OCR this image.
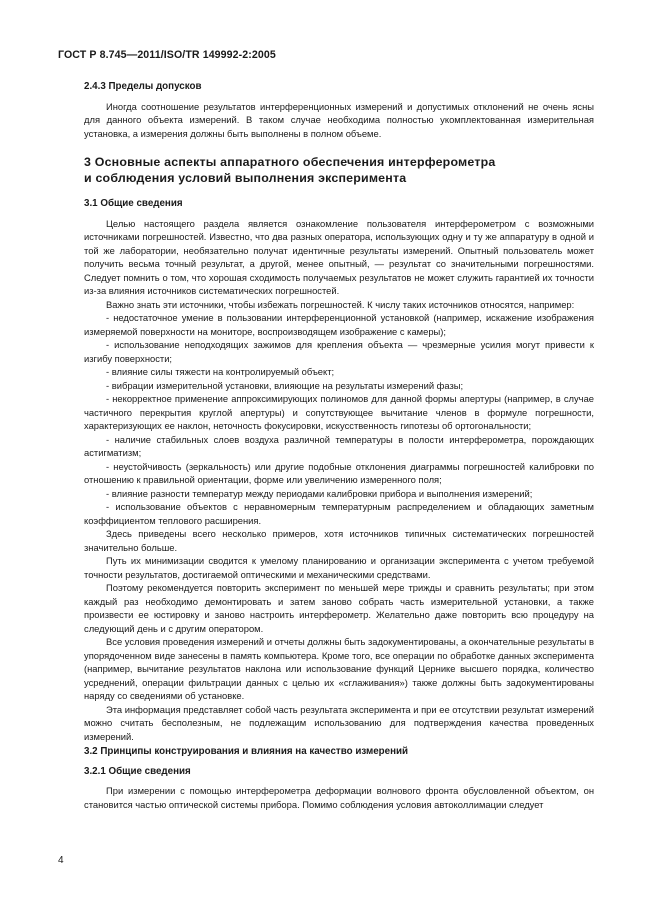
ГОСТ Р 8.745—2011/ISO/TR 149992-2:2005
2.4.3 Пределы допусков

Иногда соотношение результатов интерференционных измерений и допустимых отклонений не очень ясны для данного объекта измерений. В таком случае необходима полностью укомплектованная измерительная установка, а измерения должны быть выполнены в полном объеме.

3 Основные аспекты аппаратного обеспечения интерферометра
и соблюдения условий выполнения эксперимента
3.1 Общие сведения

Целью настоящего раздела является ознакомление пользователя интерферометром с возможными источниками погрешностей. Известно, что два разных оператора, использующих одну и ту же аппаратуру в одной и той же лаборатории, необязательно получат идентичные результаты измерений. Опытный пользователь может получить весьма точный результат, а другой, менее опытный, — результат со значительными погрешностями. Следует помнить о том, что хорошая сходимость получаемых результатов не может служить гарантией их точности из-за влияния источников систематических погрешностей.

Важно знать эти источники, чтобы избежать погрешностей. К числу таких источников относятся, например:

- недостаточное умение в пользовании интерференционной установкой (например, искажение изображения измеряемой поверхности на мониторе, воспроизводящем изображение с камеры);

- использование неподходящих зажимов для крепления объекта — чрезмерные усилия могут привести к изгибу поверхности;

- влияние силы тяжести на контролируемый объект;

- вибрации измерительной установки, влияющие на результаты измерений фазы;

- некорректное применение аппроксимирующих полиномов для данной формы апертуры (например, в случае частичного перекрытия круглой апертуры) и сопутствующее вычитание членов в формуле погрешности, характеризующих ее наклон, неточность фокусировки, искусственность гипотезы об ортогональности;

- наличие стабильных слоев воздуха различной температуры в полости интерферометра, порождающих астигматизм;

- неустойчивость (зеркальность) или другие подобные отклонения диаграммы погрешностей калибровки по отношению к правильной ориентации, форме или увеличению измеренного поля;

- влияние разности температур между периодами калибровки прибора и выполнения измерений;

- использование объектов с неравномерным температурным распределением и обладающих заметным коэффициентом теплового расширения.

Здесь приведены всего несколько примеров, хотя источников типичных систематических погрешностей значительно больше.

Путь их минимизации сводится к умелому планированию и организации эксперимента с учетом требуемой точности результатов, достигаемой оптическими и механическими средствами.

Поэтому рекомендуется повторить эксперимент по меньшей мере трижды и сравнить результаты; при этом каждый раз необходимо демонтировать и затем заново собрать часть измерительной установки, а также произвести ее юстировку и заново настроить интерферометр. Желательно даже повторить всю процедуру на следующий день и с другим оператором.

Все условия проведения измерений и отчеты должны быть задокументированы, а окончательные результаты в упорядоченном виде занесены в память компьютера. Кроме того, все операции по обработке данных эксперимента (например, вычитание результатов наклона или использование функций Цернике высшего порядка, количество усреднений, операции фильтрации данных с целью их «сглаживания») также должны быть задокументированы наряду со сведениями об установке.

Эта информация представляет собой часть результата эксперимента и при ее отсутствии результат измерений можно считать бесполезным, не подлежащим использованию для подтверждения качества проведенных измерений.

3.2 Принципы конструирования и влияния на качество измерений
3.2.1 Общие сведения

При измерении с помощью интерферометра деформации волнового фронта обусловленной объектом, он становится частью оптической системы прибора. Помимо соблюдения условия автоколлимации следует

4
